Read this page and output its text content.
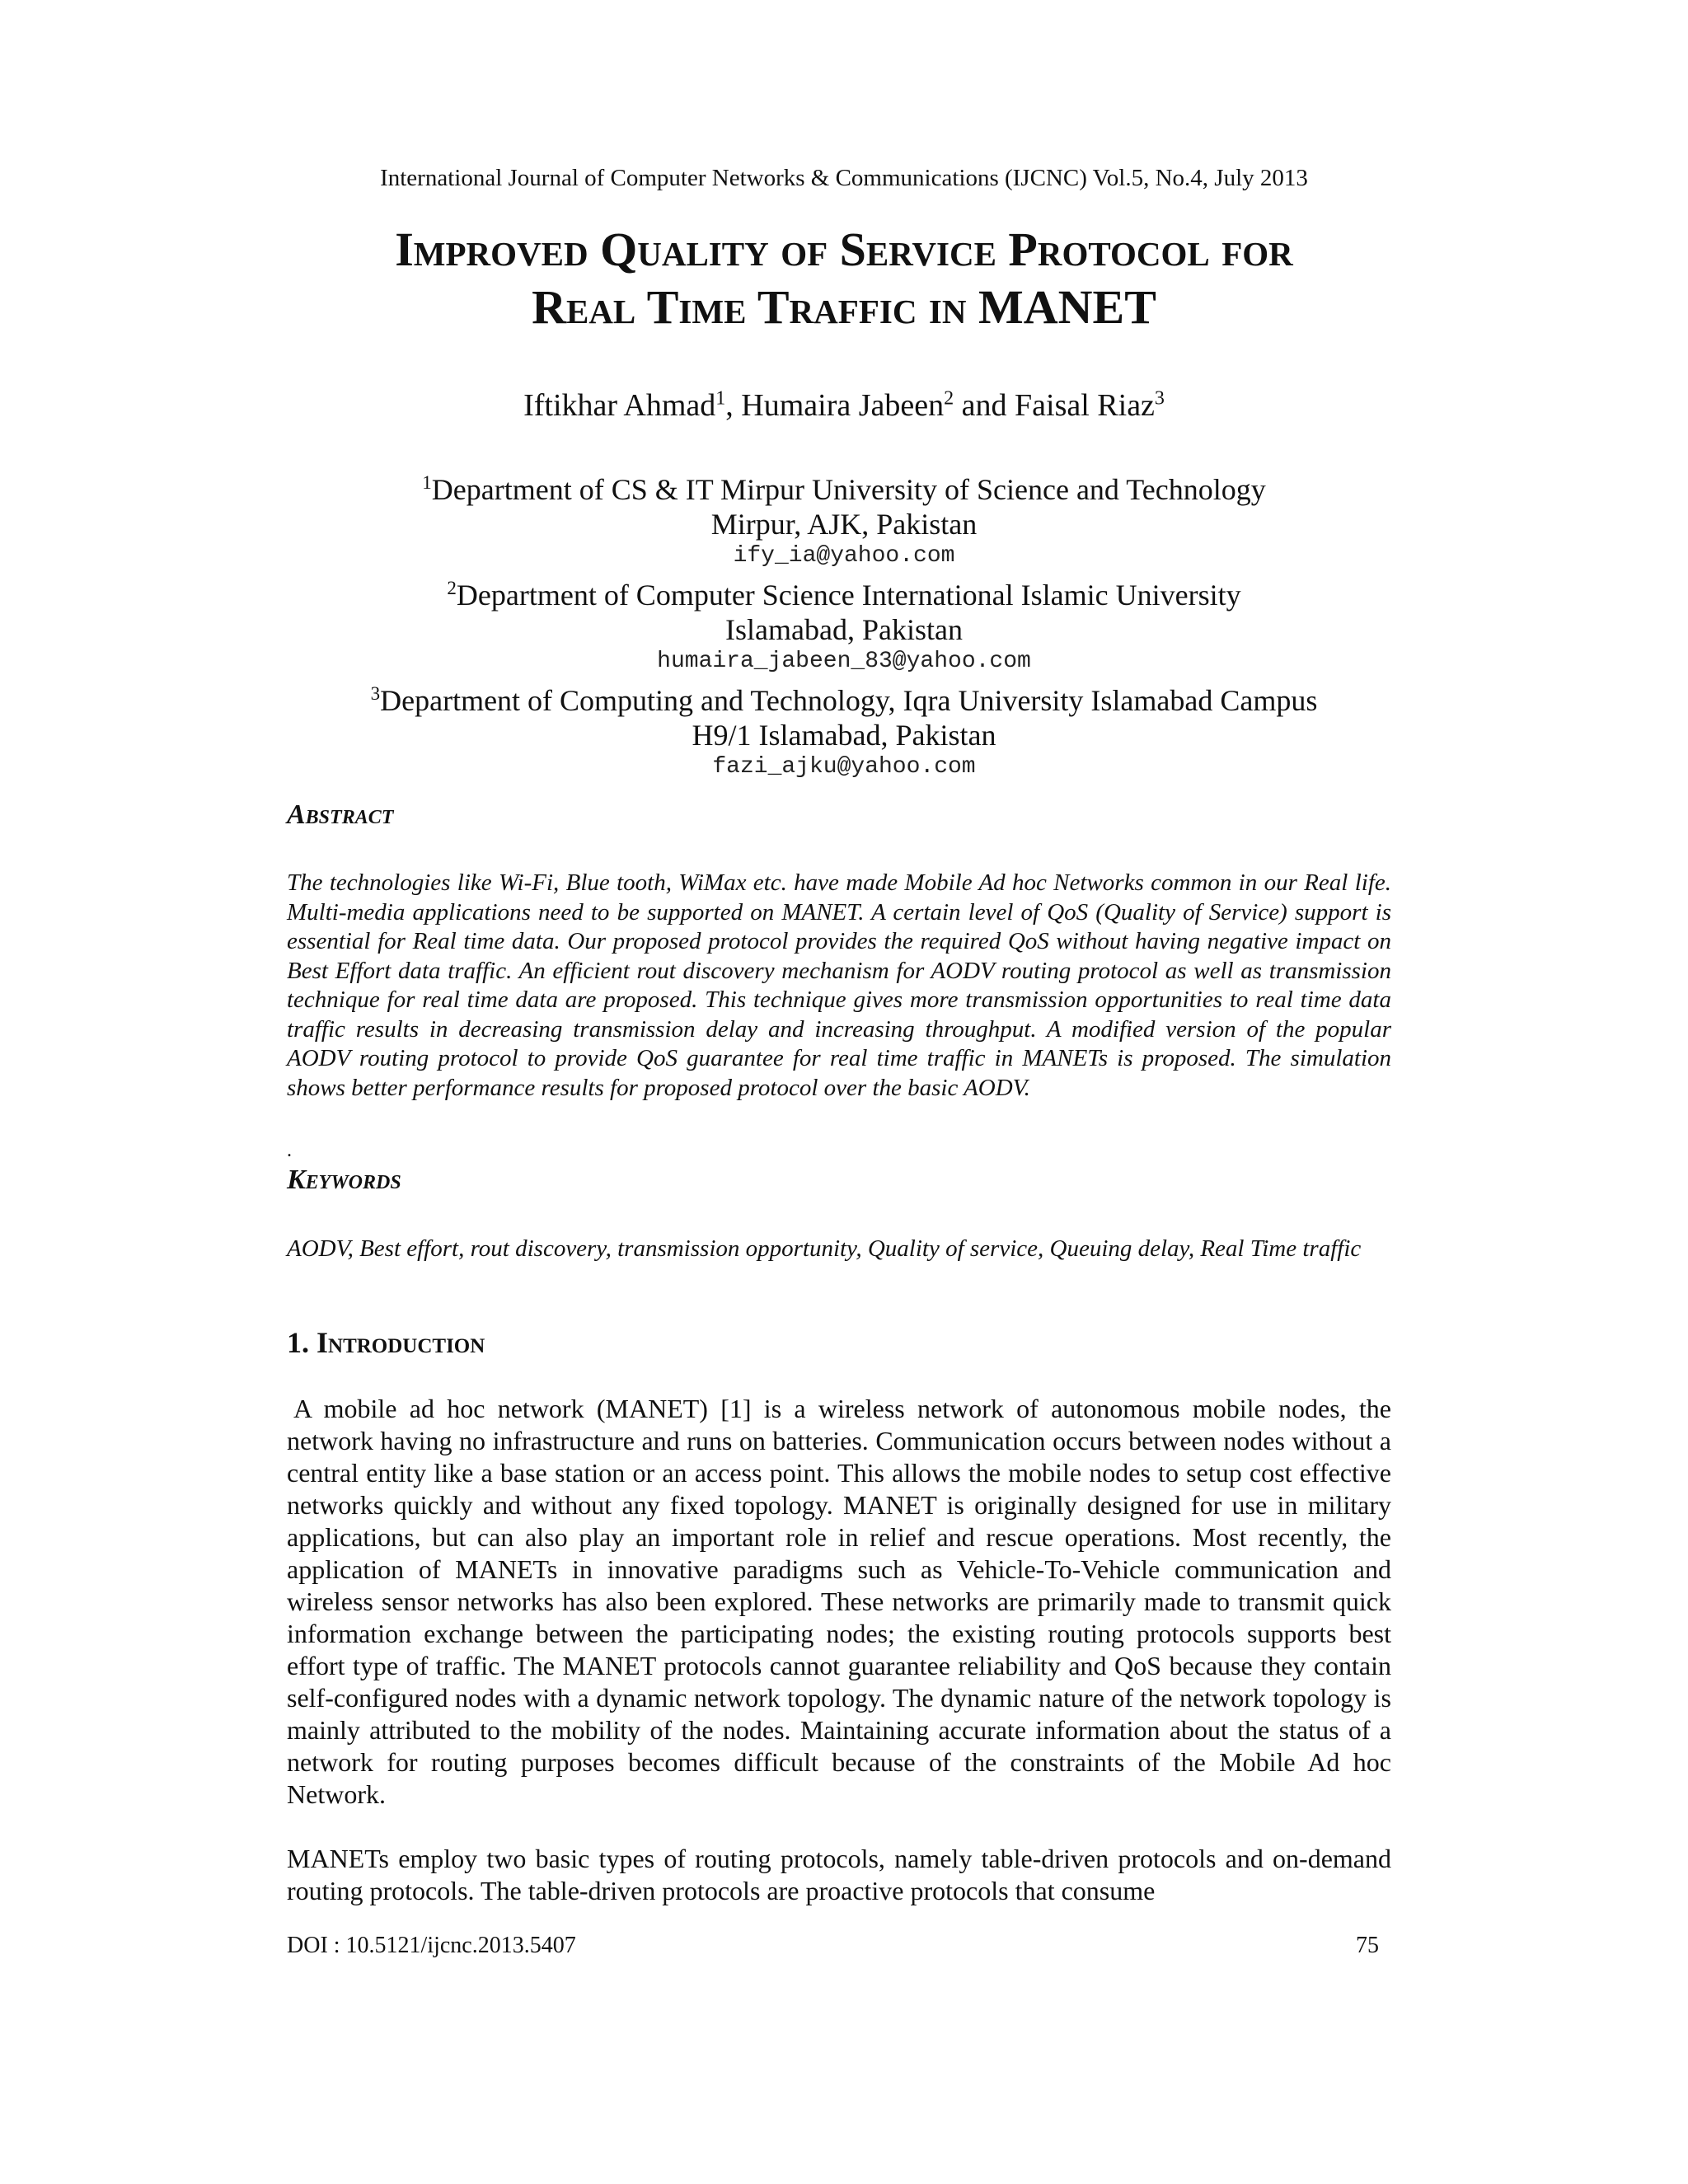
International Journal of Computer Networks & Communications (IJCNC) Vol.5, No.4, July 2013
Improved Quality of Service Protocol for
Real Time Traffic in MANET
Iftikhar Ahmad$^1$, Humaira Jabeen$^2$ and Faisal Riaz$^3$
$^1$Department of CS & IT Mirpur University of Science and Technology
Mirpur, AJK, Pakistan
ify_ia@yahoo.com
$^2$Department of Computer Science International Islamic University
Islamabad, Pakistan
humaira_jabeen_83@yahoo.com
$^3$Department of Computing and Technology, Iqra University Islamabad Campus
H9/1 Islamabad, Pakistan
fazi_ajku@yahoo.com
Abstract

The technologies like Wi-Fi, Blue tooth, WiMax etc. have made Mobile Ad hoc Networks common in our Real life. Multi-media applications need to be supported on MANET. A certain level of QoS (Quality of Service) support is essential for Real time data. Our proposed protocol provides the required QoS without having negative impact on Best Effort data traffic. An efficient rout discovery mechanism for AODV routing protocol as well as transmission technique for real time data are proposed. This technique gives more transmission opportunities to real time data traffic results in decreasing transmission delay and increasing throughput. A modified version of the popular AODV routing protocol to provide QoS guarantee for real time traffic in MANETs is proposed. The simulation shows better performance results for proposed protocol over the basic AODV.

.
Keywords

AODV, Best effort, rout discovery, transmission opportunity, Quality of service, Queuing delay, Real Time traffic

1. Introduction

A mobile ad hoc network (MANET) [1] is a wireless network of autonomous mobile nodes, the network having no infrastructure and runs on batteries. Communication occurs between nodes without a central entity like a base station or an access point. This allows the mobile nodes to setup cost effective networks quickly and without any fixed topology. MANET is originally designed for use in military applications, but can also play an important role in relief and rescue operations. Most recently, the application of MANETs in innovative paradigms such as Vehicle-To-Vehicle communication and wireless sensor networks has also been explored. These networks are primarily made to transmit quick information exchange between the participating nodes; the existing routing protocols supports best effort type of traffic. The MANET protocols cannot guarantee reliability and QoS because they contain self-configured nodes with a dynamic network topology. The dynamic nature of the network topology is mainly attributed to the mobility of the nodes. Maintaining accurate information about the status of a network for routing purposes becomes difficult because of the constraints of the Mobile Ad hoc Network.

MANETs employ two basic types of routing protocols, namely table-driven protocols and on-demand routing protocols. The table-driven protocols are proactive protocols that consume

DOI : 10.5121/ijcnc.2013.5407	75
